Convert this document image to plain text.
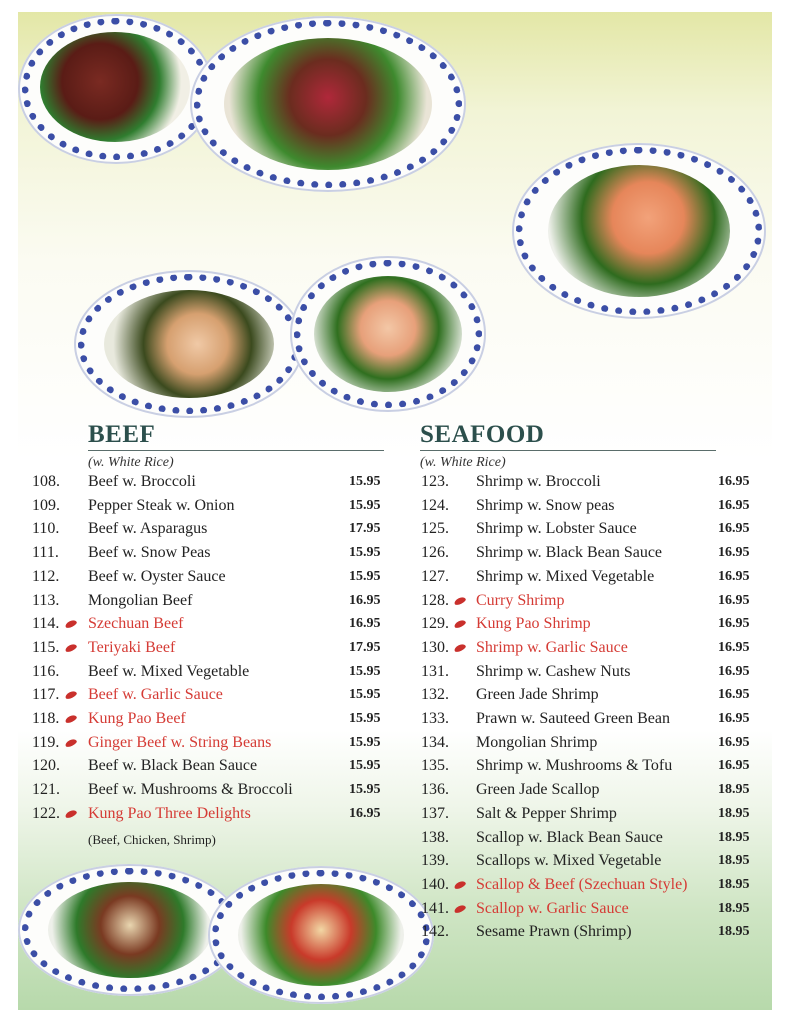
BEEF
(w. White Rice)
SEAFOOD
(w. White Rice)
108. Beef w. Broccoli	15.95
109. Pepper Steak w. Onion	15.95
110. Beef w. Asparagus	17.95
111. Beef w. Snow Peas	15.95
112. Beef w. Oyster Sauce	15.95
113. Mongolian Beef	16.95
114. Szechuan Beef	16.95
115. Teriyaki Beef	17.95
116. Beef w. Mixed Vegetable	15.95
117. Beef w. Garlic Sauce	15.95
118. Kung Pao Beef	15.95
119. Ginger Beef w. String Beans	15.95
120. Beef w. Black Bean Sauce	15.95
121. Beef w. Mushrooms & Broccoli	15.95
122. Kung Pao Three Delights	16.95
123. Shrimp w. Broccoli	16.95
124. Shrimp w. Snow peas	16.95
125. Shrimp w. Lobster Sauce	16.95
126. Shrimp w. Black Bean Sauce	16.95
127. Shrimp w. Mixed Vegetable	16.95
128. Curry Shrimp	16.95
129. Kung Pao Shrimp	16.95
130. Shrimp w. Garlic Sauce	16.95
131. Shrimp w. Cashew Nuts	16.95
132. Green Jade Shrimp	16.95
133. Prawn w. Sauteed Green Bean	16.95
134. Mongolian Shrimp	16.95
135. Shrimp w. Mushrooms & Tofu	16.95
136. Green Jade Scallop	18.95
137. Salt & Pepper Shrimp	18.95
138. Scallop w. Black Bean Sauce	18.95
139. Scallops w. Mixed Vegetable	18.95
140. Scallop & Beef (Szechuan Style) 18.95
141. Scallop w. Garlic Sauce	18.95
142. Sesame Prawn (Shrimp)	18.95
(Beef, Chicken, Shrimp)
